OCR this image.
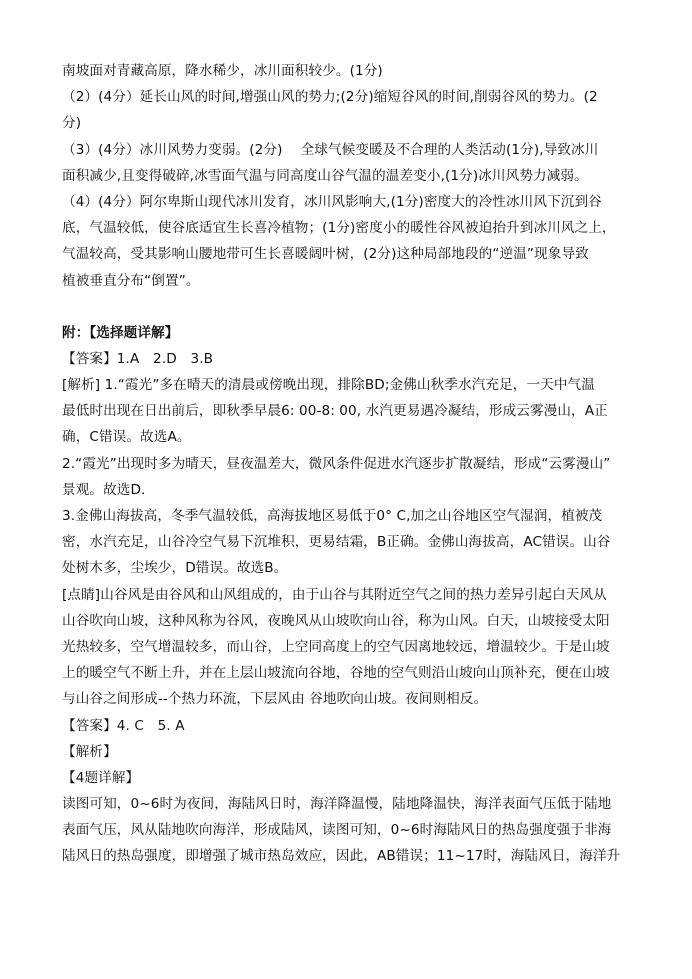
南坡面对青藏高原，降水稀少，冰川面积较少。(1分)
（2）(4分）延长山风的时间,增强山风的势力;(2分)缩短谷风的时间,削弱谷风的势力。(2
分)
（3）(4分）冰川风势力变弱。(2分)　 全球气候变暖及不合理的人类活动(1分),导致冰川
面积减少,且变得破碎,冰雪面气温与同高度山谷气温的温差变小,(1分)冰川风势力减弱。
（4）(4分）阿尔卑斯山现代冰川发育，冰川风影响大,(1分)密度大的冷性冰川风下沉到谷
底，气温较低，使谷底适宜生长喜冷植物；(1分)密度小的暖性谷风被迫抬升到冰川风之上，
气温较高，受其影响山腰地带可生长喜暖阔叶树，(2分)这种局部地段的“逆温”现象导致
植被垂直分布“倒置”。
附：【选择题详解】
【答案】1.A　2.D　3.B
[解析] 1.“霞光”多在晴天的清晨或傍晚出现，排除BD;金佛山秋季水汽充足，一天中气温
最低时出现在日出前后，即秋季早晨6: 00-8: 00, 水汽更易遇冷凝结，形成云雾漫山，A正
确，C错误。故选A。
2.“霞光”出现时多为晴天，昼夜温差大，微风条件促进水汽逐步扩散凝结，形成“云雾漫山”
景观。故选D.
3.金佛山海拔高，冬季气温较低，高海拔地区易低于0° C,加之山谷地区空气湿润，植被茂
密，水汽充足，山谷冷空气易下沉堆积，更易结霜，B正确。金佛山海拔高，AC错误。山谷
处树木多，尘埃少，D错误。故选B。
[点睛]山谷风是由谷风和山风组成的，由于山谷与其附近空气之间的热力差异引起白天风从
山谷吹向山坡，这种风称为谷风，夜晚风从山坡吹向山谷，称为山风。白天，山坡接受太阳
光热较多，空气增温较多，而山谷，上空同高度上的空气因离地较远，增温较少。于是山坡
上的暖空气不断上升，并在上层山坡流向谷地，谷地的空气则沿山坡向山顶补充，便在山坡
与山谷之间形成--个热力环流，下层风由 谷地吹向山坡。夜间则相反。
【答案】4. C　5. A
【解析】
【4题详解】
读图可知，0~6时为夜间，海陆风日时，海洋降温慢，陆地降温快，海洋表面气压低于陆地
表面气压，风从陆地吹向海洋，形成陆风，读图可知，0~6时海陆风日的热岛强度强于非海
陆风日的热岛强度，即增强了城市热岛效应，因此，AB错误；11~17时，海陆风日，海洋升
